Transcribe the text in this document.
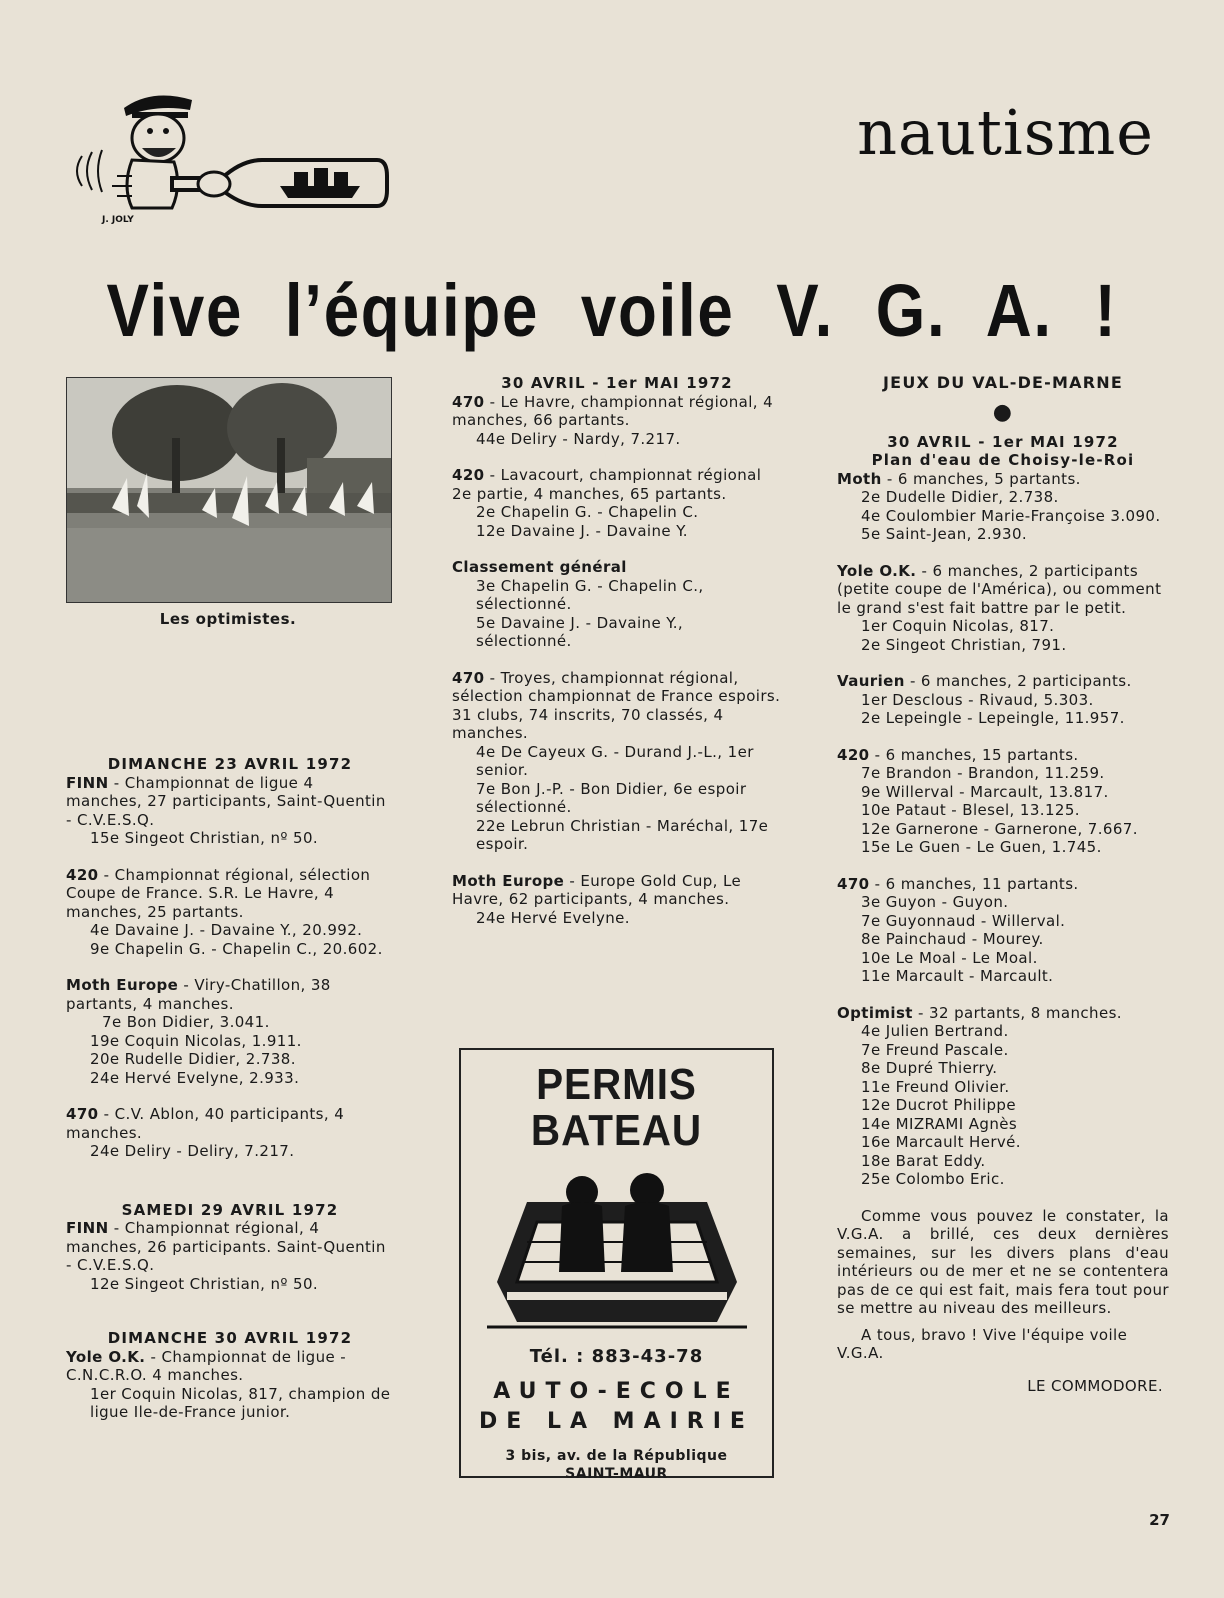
J. JOLY
nautisme
Vive l’équipe voile V. G. A. !
Les optimistes.

DIMANCHE 23 AVRIL 1972

FINN - Championnat de ligue 4 manches, 27 participants, Saint-Quentin - C.V.E.S.Q.

15e Singeot Christian, nº 50.

420 - Championnat régional, sélection Coupe de France. S.R. Le Havre, 4 manches, 25 partants.

4e Davaine J. - Davaine Y., 20.992.

9e Chapelin G. - Chapelin C., 20.602.

Moth Europe - Viry-Chatillon, 38 partants, 4 manches.

7e Bon Didier, 3.041.

19e Coquin Nicolas, 1.911.

20e Rudelle Didier, 2.738.

24e Hervé Evelyne, 2.933.

470 - C.V. Ablon, 40 participants, 4 manches.

24e Deliry - Deliry, 7.217.

SAMEDI 29 AVRIL 1972

FINN - Championnat régional, 4 manches, 26 participants. Saint-Quentin - C.V.E.S.Q.

12e Singeot Christian, nº 50.

DIMANCHE 30 AVRIL 1972

Yole O.K. - Championnat de ligue - C.N.C.R.O. 4 manches.

1er Coquin Nicolas, 817, champion de ligue Ile-de-France junior.

30 AVRIL - 1er MAI 1972

470 - Le Havre, championnat régional, 4 manches, 66 partants.

44e Deliry - Nardy, 7.217.

420 - Lavacourt, championnat régional 2e partie, 4 manches, 65 partants.

2e Chapelin G. - Chapelin C.

12e Davaine J. - Davaine Y.

Classement général

3e Chapelin G. - Chapelin C., sélectionné.

5e Davaine J. - Davaine Y., sélectionné.

470 - Troyes, championnat régional, sélection championnat de France espoirs. 31 clubs, 74 inscrits, 70 classés, 4 manches.

4e De Cayeux G. - Durand J.-L., 1er senior.

7e Bon J.-P. - Bon Didier, 6e espoir sélectionné.

22e Lebrun Christian - Maréchal, 17e espoir.

Moth Europe - Europe Gold Cup, Le Havre, 62 participants, 4 manches.

24e Hervé Evelyne.

PERMIS
BATEAU
Tél. : 883-43-78
AUTO-ECOLE
DE LA MAIRIE
3 bis, av. de la République
SAINT-MAUR

JEUX DU VAL-DE-MARNE

●

30 AVRIL - 1er MAI 1972

Plan d'eau de Choisy-le-Roi

Moth - 6 manches, 5 partants.

2e Dudelle Didier, 2.738.

4e Coulombier Marie-Françoise 3.090.

5e Saint-Jean, 2.930.

Yole O.K. - 6 manches, 2 participants (petite coupe de l'América), ou comment le grand s'est fait battre par le petit.

1er Coquin Nicolas, 817.

2e Singeot Christian, 791.

Vaurien - 6 manches, 2 participants.

1er Desclous - Rivaud, 5.303.

2e Lepeingle - Lepeingle, 11.957.

420 - 6 manches, 15 partants.

7e Brandon - Brandon, 11.259.

9e Willerval - Marcault, 13.817.

10e Pataut - Blesel, 13.125.

12e Garnerone - Garnerone, 7.667.

15e Le Guen - Le Guen, 1.745.

470 - 6 manches, 11 partants.

3e Guyon - Guyon.

7e Guyonnaud - Willerval.

8e Painchaud - Mourey.

10e Le Moal - Le Moal.

11e Marcault - Marcault.

Optimist - 32 partants, 8 manches.

4e Julien Bertrand.

7e Freund Pascale.

8e Dupré Thierry.

11e Freund Olivier.

12e Ducrot Philippe

14e MIZRAMI Agnès

16e Marcault Hervé.

18e Barat Eddy.

25e Colombo Eric.

Comme vous pouvez le constater, la V.G.A. a brillé, ces deux dernières semaines, sur les divers plans d'eau intérieurs ou de mer et ne se contentera pas de ce qui est fait, mais fera tout pour se mettre au niveau des meilleurs.

A tous, bravo ! Vive l'équipe voile V.G.A.

LE COMMODORE.

27
